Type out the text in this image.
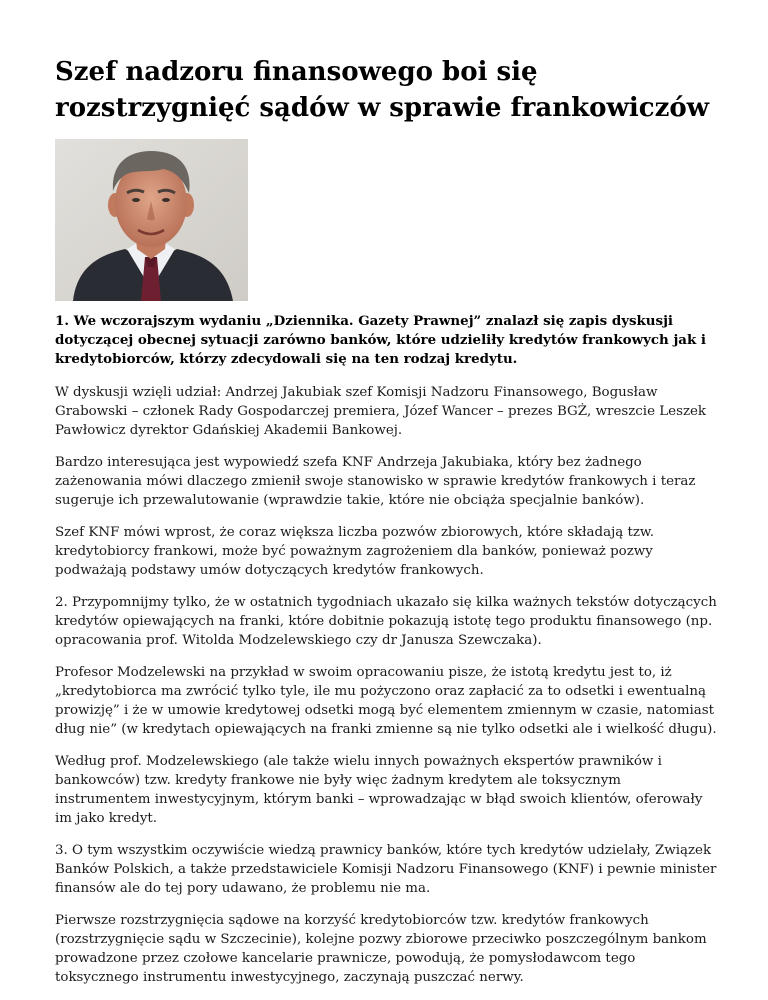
Szef nadzoru finansowego boi się rozstrzygnięć sądów w sprawie frankowiczów

1. We wczorajszym wydaniu „Dziennika. Gazety Prawnej” znalazł się zapis dyskusji dotyczącej obecnej sytuacji zarówno banków, które udzieliły kredytów frankowych jak i kredytobiorców, którzy zdecydowali się na ten rodzaj kredytu.

W dyskusji wzięli udział: Andrzej Jakubiak szef Komisji Nadzoru Finansowego, Bogusław Grabowski – członek Rady Gospodarczej premiera, Józef Wancer – prezes BGŻ, wreszcie Leszek Pawłowicz dyrektor Gdańskiej Akademii Bankowej.

Bardzo interesująca jest wypowiedź szefa KNF Andrzeja Jakubiaka, który bez żadnego zażenowania mówi dlaczego zmienił swoje stanowisko w sprawie kredytów frankowych i teraz sugeruje ich przewalutowanie (wprawdzie takie, które nie obciąża specjalnie banków).

Szef KNF mówi wprost, że coraz większa liczba pozwów zbiorowych, które składają tzw. kredytobiorcy frankowi, może być poważnym zagrożeniem dla banków, ponieważ pozwy podważają podstawy umów dotyczących kredytów frankowych.

2. Przypomnijmy tylko, że w ostatnich tygodniach ukazało się kilka ważnych tekstów dotyczących kredytów opiewających na franki, które dobitnie pokazują istotę tego produktu finansowego (np. opracowania prof. Witolda Modzelewskiego czy dr Janusza Szewczaka).

Profesor Modzelewski na przykład w swoim opracowaniu pisze, że istotą kredytu jest to, iż „kredytobiorca ma zwrócić tylko tyle, ile mu pożyczono oraz zapłacić za to odsetki i ewentualną prowizję” i że w umowie kredytowej odsetki mogą być elementem zmiennym w czasie, natomiast dług nie” (w kredytach opiewających na franki zmienne są nie tylko odsetki ale i wielkość długu).

Według prof. Modzelewskiego (ale także wielu innych poważnych ekspertów prawników i bankowców) tzw. kredyty frankowe nie były więc żadnym kredytem ale toksycznym instrumentem inwestycyjnym, którym banki – wprowadzając w błąd swoich klientów, oferowały im jako kredyt.

3. O tym wszystkim oczywiście wiedzą prawnicy banków, które tych kredytów udzielały, Związek Banków Polskich, a także przedstawiciele Komisji Nadzoru Finansowego (KNF) i pewnie minister finansów ale do tej pory udawano, że problemu nie ma.

Pierwsze rozstrzygnięcia sądowe na korzyść kredytobiorców tzw. kredytów frankowych (rozstrzygnięcie sądu w Szczecinie), kolejne pozwy zbiorowe przeciwko poszczególnym bankom prowadzone przez czołowe kancelarie prawnicze, powodują, że pomysłodawcom tego toksycznego instrumentu inwestycyjnego, zaczynają puszczać nerwy.
